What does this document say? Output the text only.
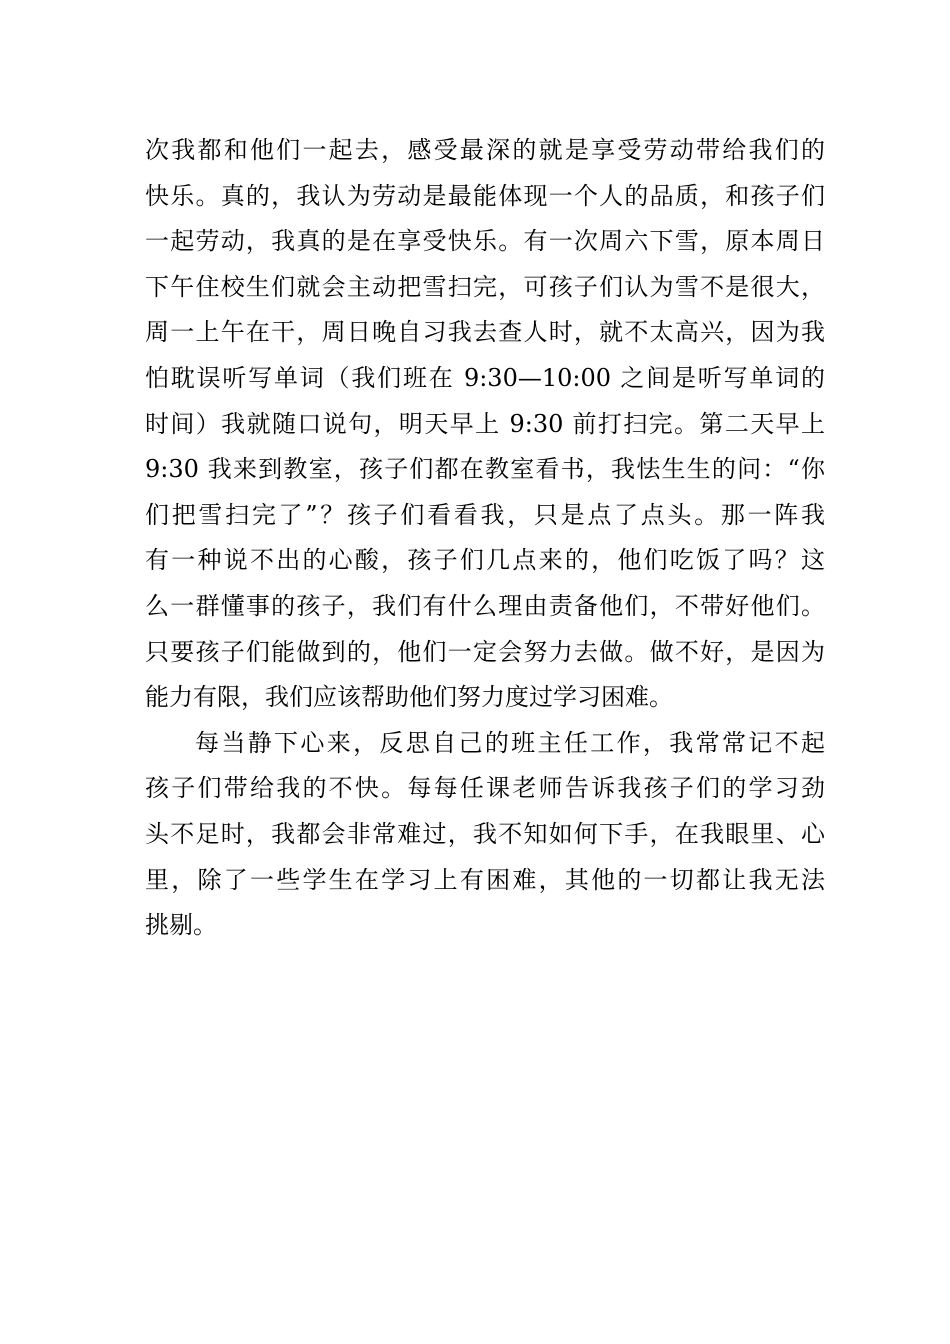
次我都和他们一起去，感受最深的就是享受劳动带给我们的
快乐。真的，我认为劳动是最能体现一个人的品质，和孩子们
一起劳动，我真的是在享受快乐。有一次周六下雪，原本周日
下午住校生们就会主动把雪扫完，可孩子们认为雪不是很大，
周一上午在干，周日晚自习我去查人时，就不太高兴，因为我
怕耽误听写单词（我们班在 9:30—10:00 之间是听写单词的
时间）我就随口说句，明天早上 9:30 前打扫完。第二天早上
9:30 我来到教室，孩子们都在教室看书，我怯生生的问：“你
们把雪扫完了”？孩子们看看我，只是点了点头。那一阵我
有一种说不出的心酸，孩子们几点来的，他们吃饭了吗？这
么一群懂事的孩子，我们有什么理由责备他们，不带好他们。
只要孩子们能做到的，他们一定会努力去做。做不好，是因为
能力有限，我们应该帮助他们努力度过学习困难。
每当静下心来，反思自己的班主任工作，我常常记不起
孩子们带给我的不快。每每任课老师告诉我孩子们的学习劲
头不足时，我都会非常难过，我不知如何下手，在我眼里、心
里，除了一些学生在学习上有困难，其他的一切都让我无法
挑剔。
